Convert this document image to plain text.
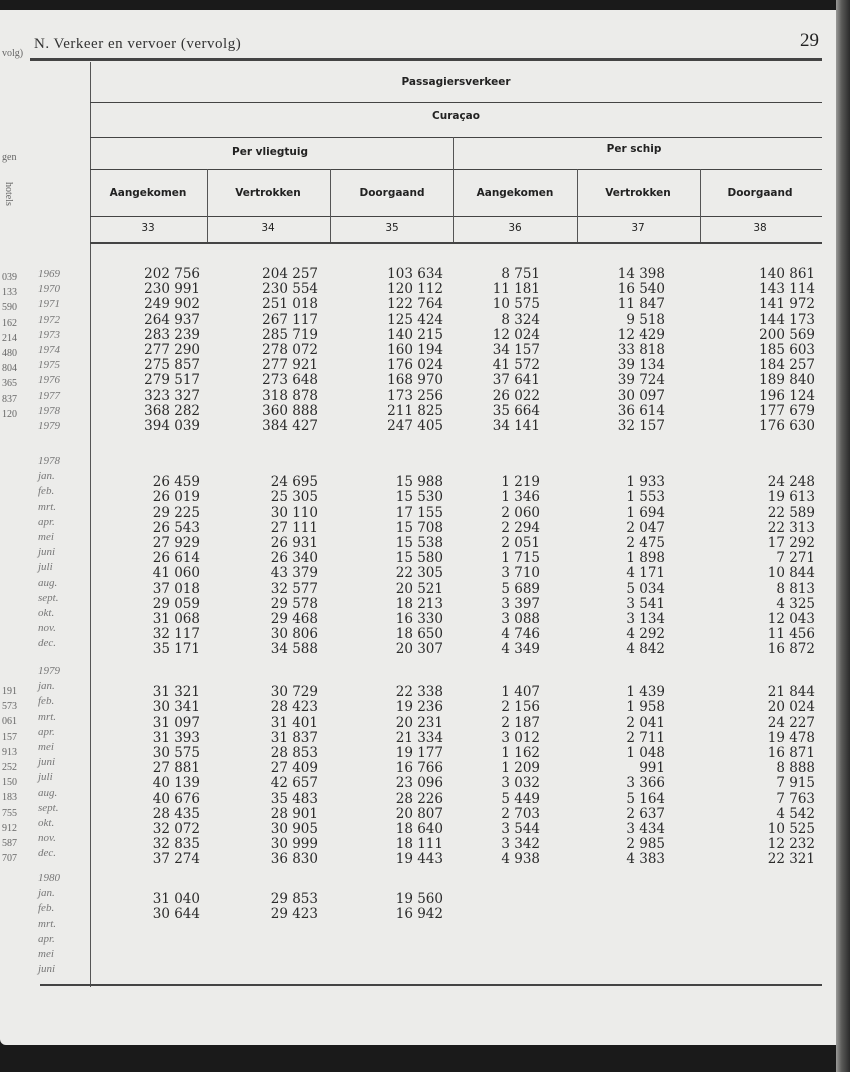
N. Verkeer en vervoer (vervolg)	29
volg)
gen
hotels
039
133
590
162
214
480
804
365
837
120
191
573
061
157
913
252
150
183
755
912
587
707
Passagiersverkeer
Curaçao
Per vliegtuig	Per schip
Aangekomen
33
Vertrokken
34
Doorgaand
35
Aangekomen
36
Vertrokken
37
Doorgaand
38
1969	202 756	204 257	103 634	8 751	14 398	140 861
1970	230 991	230 554	120 112	11 181	16 540	143 114
1971	249 902	251 018	122 764	10 575	11 847	141 972
1972	264 937	267 117	125 424	8 324	9 518	144 173
1973	283 239	285 719	140 215	12 024	12 429	200 569
1974	277 290	278 072	160 194	34 157	33 818	185 603
1975	275 857	277 921	176 024	41 572	39 134	184 257
1976	279 517	273 648	168 970	37 641	39 724	189 840
1977	323 327	318 878	173 256	26 022	30 097	196 124
1978	368 282	360 888	211 825	35 664	36 614	177 679
1979	394 039	384 427	247 405	34 141	32 157	176 630
1978
jan.	26 459	24 695	15 988	1 219	1 933	24 248
feb.	26 019	25 305	15 530	1 346	1 553	19 613
mrt.	29 225	30 110	17 155	2 060	1 694	22 589
apr.	26 543	27 111	15 708	2 294	2 047	22 313
mei	27 929	26 931	15 538	2 051	2 475	17 292
juni	26 614	26 340	15 580	1 715	1 898	7 271
juli	41 060	43 379	22 305	3 710	4 171	10 844
aug.	37 018	32 577	20 521	5 689	5 034	8 813
sept.	29 059	29 578	18 213	3 397	3 541	4 325
okt.	31 068	29 468	16 330	3 088	3 134	12 043
nov.	32 117	30 806	18 650	4 746	4 292	11 456
dec.	35 171	34 588	20 307	4 349	4 842	16 872
1979
jan.	31 321	30 729	22 338	1 407	1 439	21 844
feb.	30 341	28 423	19 236	2 156	1 958	20 024
mrt.	31 097	31 401	20 231	2 187	2 041	24 227
apr.	31 393	31 837	21 334	3 012	2 711	19 478
mei	30 575	28 853	19 177	1 162	1 048	16 871
juni	27 881	27 409	16 766	1 209	991	8 888
juli	40 139	42 657	23 096	3 032	3 366	7 915
aug.	40 676	35 483	28 226	5 449	5 164	7 763
sept.	28 435	28 901	20 807	2 703	2 637	4 542
okt.	32 072	30 905	18 640	3 544	3 434	10 525
nov.	32 835	30 999	18 111	3 342	2 985	12 232
dec.	37 274	36 830	19 443	4 938	4 383	22 321
1980
jan.	31 040	29 853	19 560
feb.	30 644	29 423	16 942
mrt.
apr.
mei
juni
